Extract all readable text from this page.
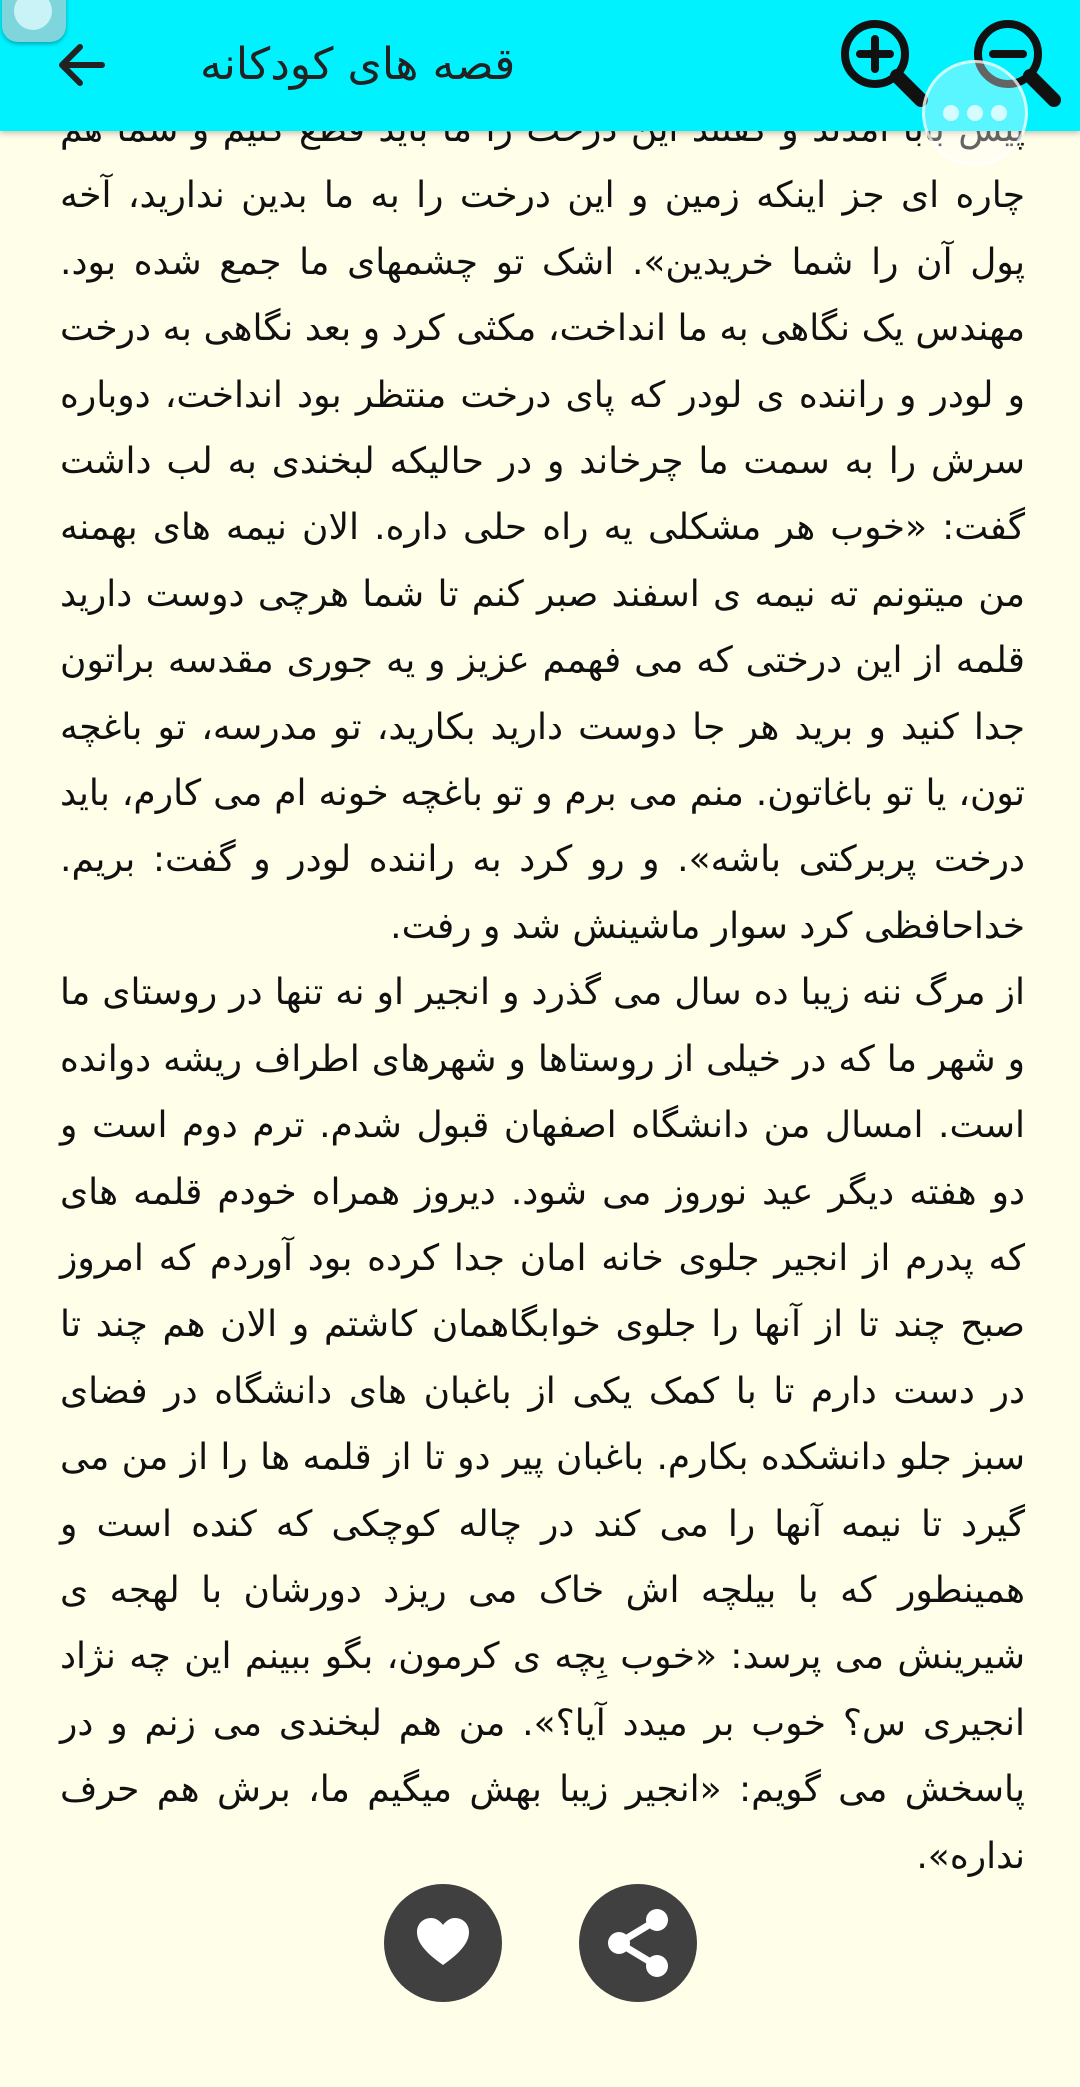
قصه های کودکانه

چاره ای جز اینکه زمین و این درخت را به ما بدین ندارید، آخه پول آن را شما خریدین». اشک تو چشمهای ما جمع شده بود. مهندس یک نگاهی به ما انداخت، مکثی کرد و بعد نگاهی به درخت و لودر و راننده ی لودر که پای درخت منتظر بود انداخت، دوباره سرش را به سمت ما چرخاند و در حالیکه لبخندی به لب داشت گفت: «خوب هر مشکلی یه راه حلی داره. الان نیمه های بهمنه من میتونم ته نیمه ی اسفند صبر کنم تا شما هرچی دوست دارید قلمه از این درختی که می فهمم عزیز و یه جوری مقدسه براتون جدا کنید و برید هر جا دوست دارید بکارید، تو مدرسه، تو باغچه تون، یا تو باغاتون. منم می برم و تو باغچه خونه ام می کارم، باید درخت پربرکتی باشه». و رو کرد به راننده لودر و گفت: بریم. خداحافظی کرد سوار ماشینش شد و رفت.

از مرگ ننه زیبا ده سال می گذرد و انجیر او نه تنها در روستای ما و شهر ما که در خیلی از روستاها و شهرهای اطراف ریشه دوانده است. امسال من دانشگاه اصفهان قبول شدم. ترم دوم است و دو هفته دیگر عید نوروز می شود. دیروز همراه خودم قلمه های که پدرم از انجیر جلوی خانه امان جدا کرده بود آوردم که امروز صبح چند تا از آنها را جلوی خوابگاهمان کاشتم و الان هم چند تا در دست دارم تا با کمک یکی از باغبان های دانشگاه در فضای سبز جلو دانشکده بکارم. باغبان پیر دو تا از قلمه ها را از من می گیرد تا نیمه آنها را می کند در چاله کوچکی که کنده است و همینطور که با بیلچه اش خاک می ریزد دورشان با لهجه ی شیرینش می پرسد: «خوب بِچه ی کرمون، بگو ببینم این چه نژاد انجیری س؟ خوب بر میدد آیا؟». من هم لبخندی می زنم و در پاسخش می گویم: «انجیر زیبا بهش میگیم ما، برش هم حرف نداره».
